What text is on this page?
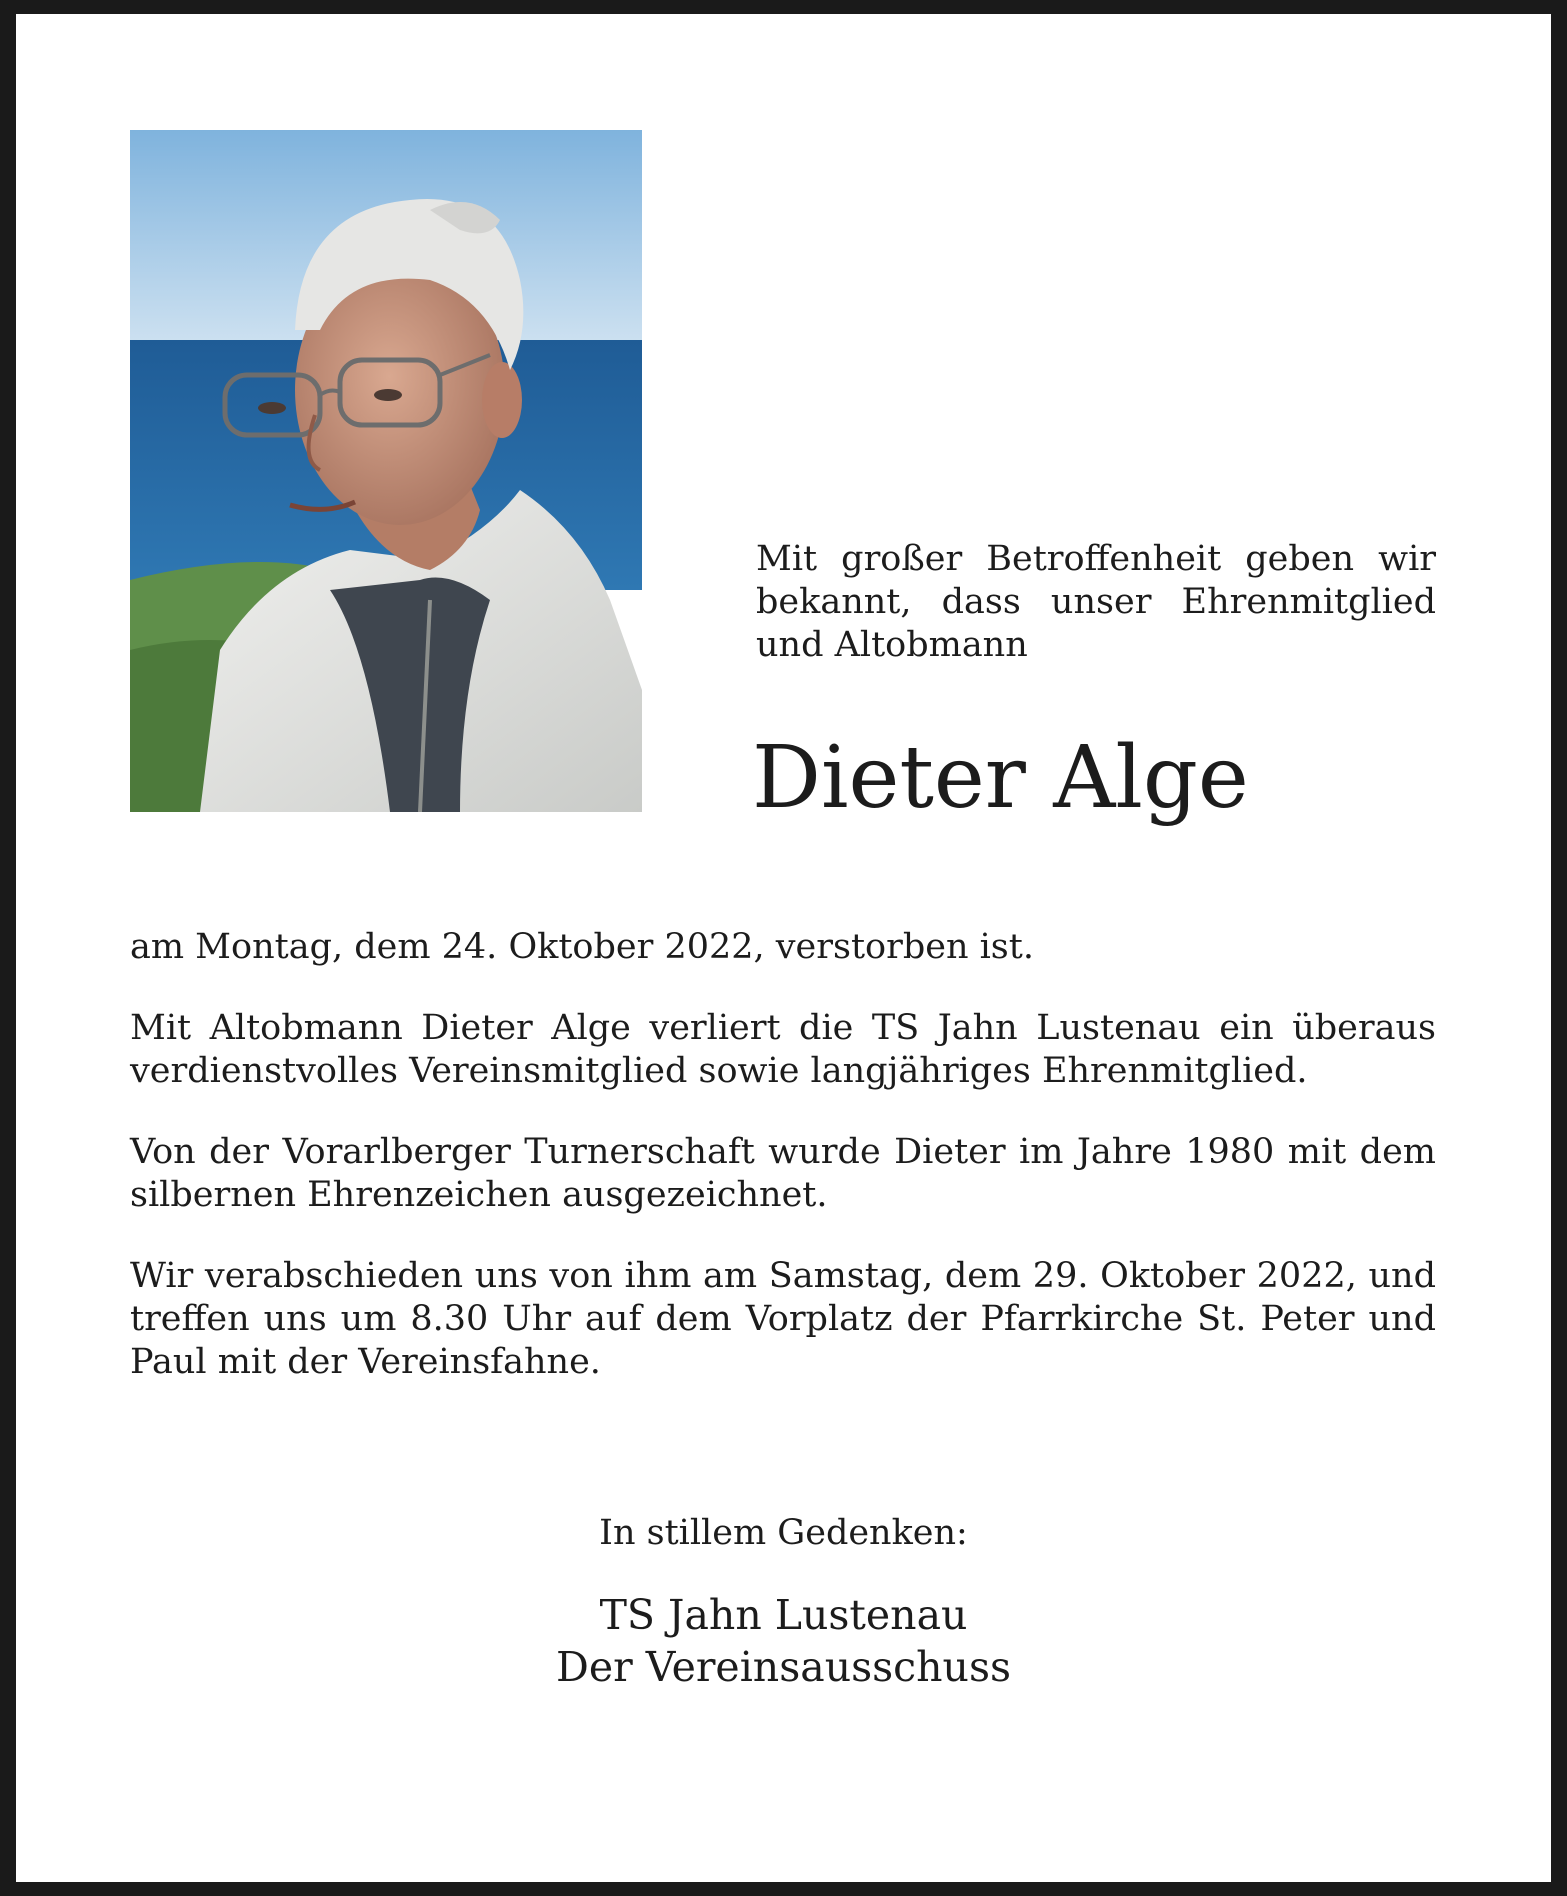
Mit großer Betroffenheit geben wir bekannt, dass unser Ehrenmitglied und Altobmann
Dieter Alge

am Montag, dem 24. Oktober 2022, verstorben ist.

Mit Altobmann Dieter Alge verliert die TS Jahn Lustenau ein überaus verdienstvolles Vereinsmitglied sowie langjähriges Ehrenmitglied.

Von der Vorarlberger Turnerschaft wurde Dieter im Jahre 1980 mit dem silbernen Ehrenzeichen ausgezeichnet.

Wir verabschieden uns von ihm am Samstag, dem 29. Oktober 2022, und treffen uns um 8.30 Uhr auf dem Vorplatz der Pfarrkirche St. Peter und Paul mit der Vereinsfahne.

In stillem Gedenken:
TS Jahn Lustenau
Der Vereinsausschuss
